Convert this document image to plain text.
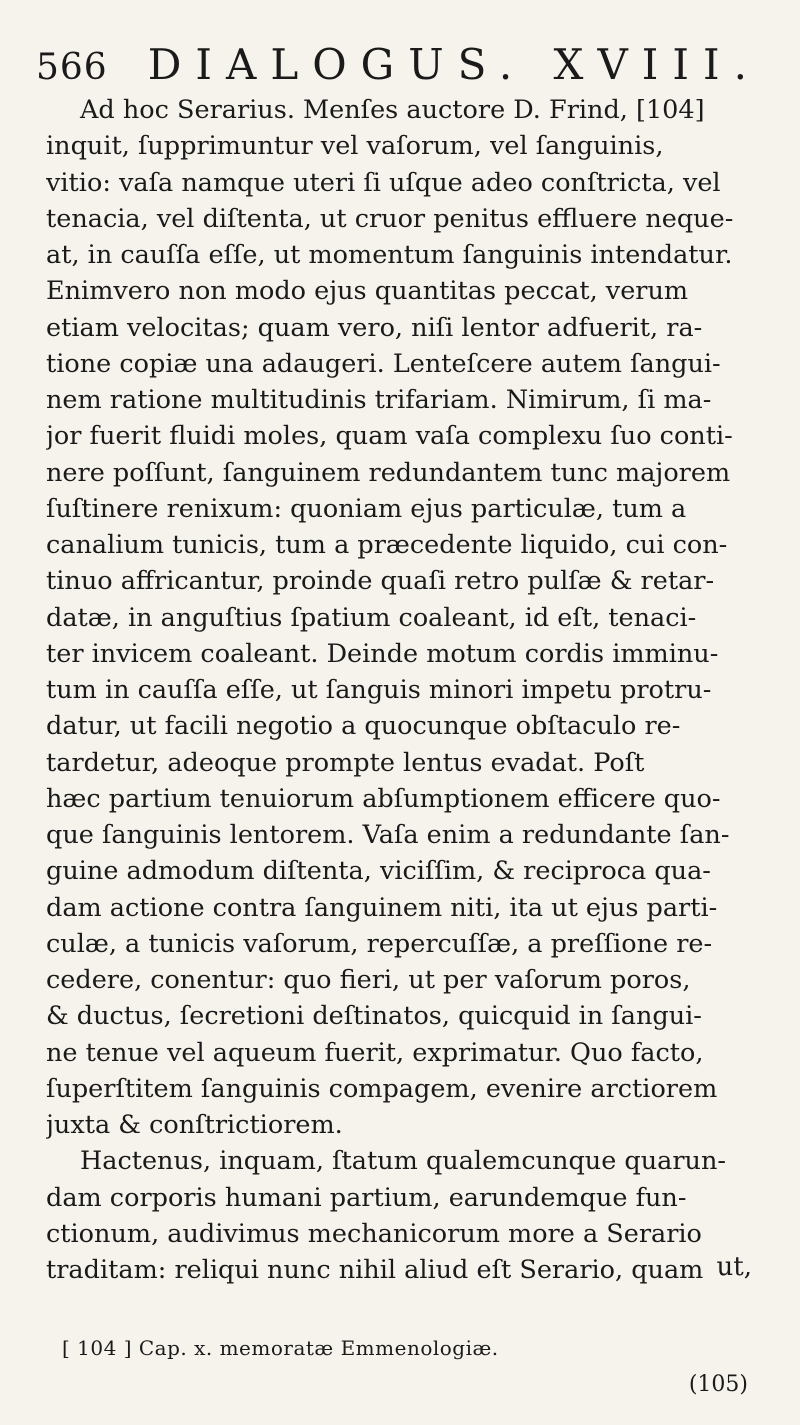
566 DIALOGUS. XVIII.
Ad hoc Serarius. Menſes auctore D. Frind, [104]
inquit, ſupprimuntur vel vaſorum, vel ſanguinis,
vitio: vaſa namque uteri ſi uſque adeo conſtricta, vel
tenacia, vel diſtenta, ut cruor penitus effluere neque-
at, in cauſſa eſſe, ut momentum ſanguinis intendatur.
Enimvero non modo ejus quantitas peccat, verum
etiam velocitas; quam vero, niſi lentor adfuerit, ra-
tione copiæ una adaugeri. Lenteſcere autem ſangui-
nem ratione multitudinis trifariam. Nimirum, ſi ma-
jor fuerit fluidi moles, quam vaſa complexu ſuo conti-
nere poſſunt, ſanguinem redundantem tunc majorem
ſuſtinere renixum: quoniam ejus particulæ, tum a
canalium tunicis, tum a præcedente liquido, cui con-
tinuo affricantur, proinde quaſi retro pulſæ & retar-
datæ, in anguſtius ſpatium coaleant, id eſt, tenaci-
ter invicem coaleant. Deinde motum cordis imminu-
tum in cauſſa eſſe, ut ſanguis minori impetu protru-
datur, ut facili negotio a quocunque obſtaculo re-
tardetur, adeoque prompte lentus evadat. Poſt
hæc partium tenuiorum abſumptionem efficere quo-
que ſanguinis lentorem. Vaſa enim a redundante ſan-
guine admodum diſtenta, viciſſim, & reciproca qua-
dam actione contra ſanguinem niti, ita ut ejus parti-
culæ, a tunicis vaſorum, repercuſſæ, a preſſione re-
cedere, conentur: quo fieri, ut per vaſorum poros,
& ductus, ſecretioni deſtinatos, quicquid in ſangui-
ne tenue vel aqueum fuerit, exprimatur. Quo facto,
ſuperſtitem ſanguinis compagem, evenire arctiorem
juxta & conſtrictiorem.
Hactenus, inquam, ſtatum qualemcunque quarun-
dam corporis humani partium, earundemque fun-
ctionum, audivimus mechanicorum more a Serario
traditam: reliqui nunc nihil aliud eſt Serario, quam ut,
[ 104 ] Cap. x. memoratæ Emmenologiæ.
(105)
